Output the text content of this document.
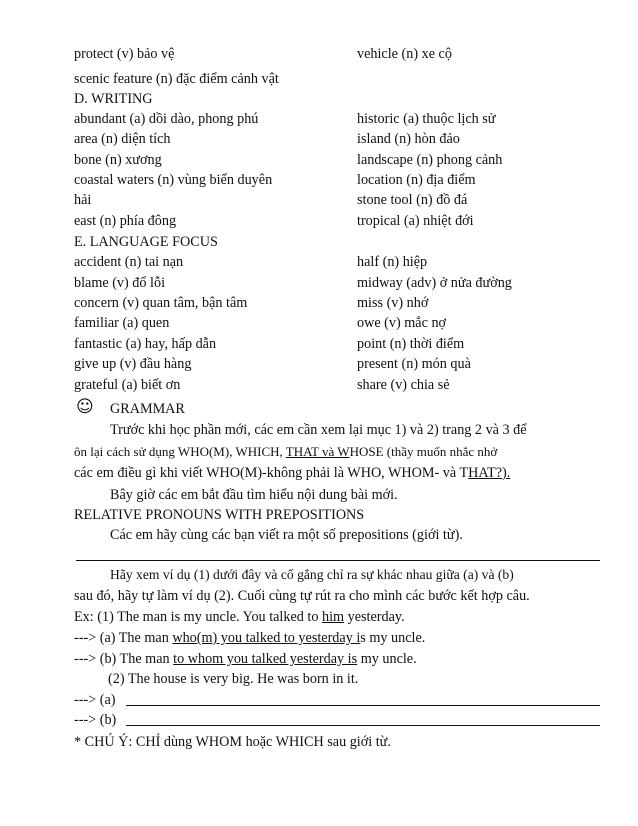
protect (v) bảo vệ	vehicle (n) xe cộ
scenic feature (n) đặc điểm cảnh vật
D. WRITING
abundant (a) dồi dào, phong phú
area (n) diện tích
bone (n) xương
coastal waters (n) vùng biển duyên
hải
east (n) phía đông
historic (a) thuộc lịch sử
island (n) hòn đảo
landscape (n) phong cảnh
location (n) địa điểm
stone tool (n) đồ đá
tropical (a) nhiệt đới
E. LANGUAGE FOCUS
accident (n) tai nạn
blame (v) đổ lỗi
concern (v) quan tâm, bận tâm
familiar (a) quen
fantastic (a) hay, hấp dẫn
give up (v) đầu hàng
grateful (a) biết ơn
half (n) hiệp
midway (adv) ở nửa đường
miss (v) nhớ
owe (v) mắc nợ
point (n) thời điểm
present (n) món quà
share (v) chia sẻ
☺ GRAMMAR
Trước khi học phần mới, các em cần xem lại mục 1) và 2) trang 2 và 3 để
ôn lại cách sử dụng WHO(M), WHICH, THAT và WHOSE (thầy muốn nhắc nhở
các em điều gì khi viết WHO(M)-không phải là WHO, WHOM- và THAT?).
Bây giờ các em bắt đầu tìm hiểu nội dung bài mới.
RELATIVE PRONOUNS WITH PREPOSITIONS
Các em hãy cùng các bạn viết ra một số prepositions (giới từ).
Hãy xem ví dụ (1) dưới đây và cố gắng chỉ ra sự khác nhau giữa (a) và (b)
sau đó, hãy tự làm ví dụ (2). Cuối cùng tự rút ra cho mình các bước kết hợp câu.
Ex: (1) The man is my uncle. You talked to him yesterday.
---> (a) The man who(m) you talked to yesterday is my uncle.
---> (b) The man to whom you talked yesterday is my uncle.
(2) The house is very big. He was born in it.
---> (a)
---> (b)
* CHÚ Ý: CHỈ dùng WHOM hoặc WHICH sau giới từ.
